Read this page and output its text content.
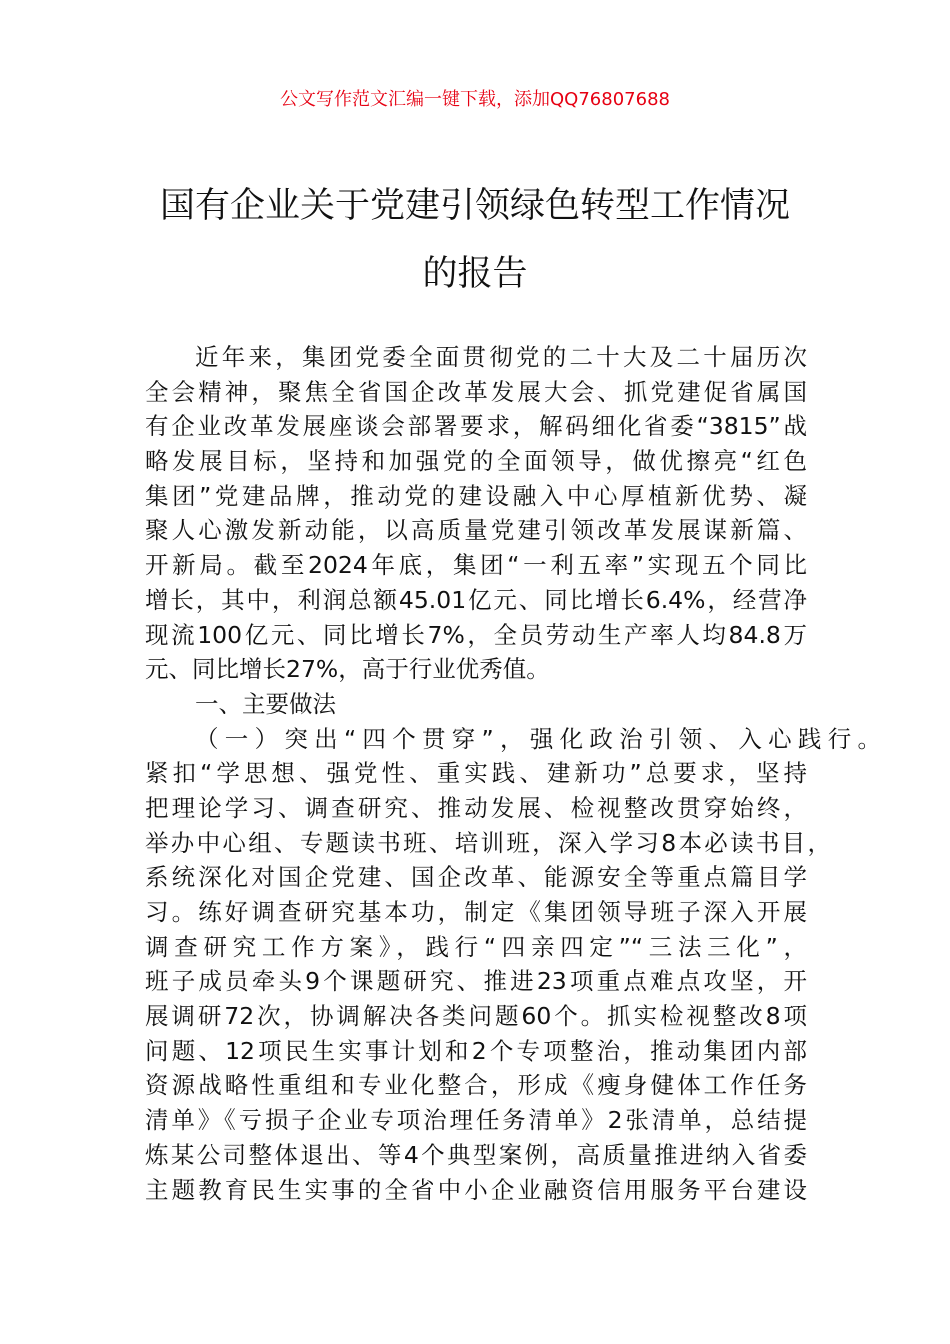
公文写作范文汇编一键下载，添加QQ76807688
国有企业关于党建引领绿色转型工作情况
的报告
近年来，集团党委全面贯彻党的二十大及二十届历次
全会精神，聚焦全省国企改革发展大会、抓党建促省属国
有企业改革发展座谈会部署要求，解码细化省委“3815”战
略发展目标，坚持和加强党的全面领导，做优擦亮“红色
集团”党建品牌，推动党的建设融入中心厚植新优势、凝
聚人心激发新动能，以高质量党建引领改革发展谋新篇、
开新局。截至2024年底，集团“一利五率”实现五个同比
增长，其中，利润总额45.01亿元、同比增长6.4%，经营净
现流100亿元、同比增长7%，全员劳动生产率人均84.8万
元、同比增长27%，高于行业优秀值。
一、主要做法
（一）突出“四个贯穿”，强化政治引领、入心践行。
紧扣“学思想、强党性、重实践、建新功”总要求，坚持
把理论学习、调查研究、推动发展、检视整改贯穿始终，
举办中心组、专题读书班、培训班，深入学习8本必读书目，
系统深化对国企党建、国企改革、能源安全等重点篇目学
习。练好调查研究基本功，制定《集团领导班子深入开展
调查研究工作方案》，践行“四亲四定”“三法三化”，
班子成员牵头9个课题研究、推进23项重点难点攻坚，开
展调研72次，协调解决各类问题60个。抓实检视整改8项
问题、12项民生实事计划和2个专项整治，推动集团内部
资源战略性重组和专业化整合，形成《瘦身健体工作任务
清单》《亏损子企业专项治理任务清单》2张清单，总结提
炼某公司整体退出、等4个典型案例，高质量推进纳入省委
主题教育民生实事的全省中小企业融资信用服务平台建设
